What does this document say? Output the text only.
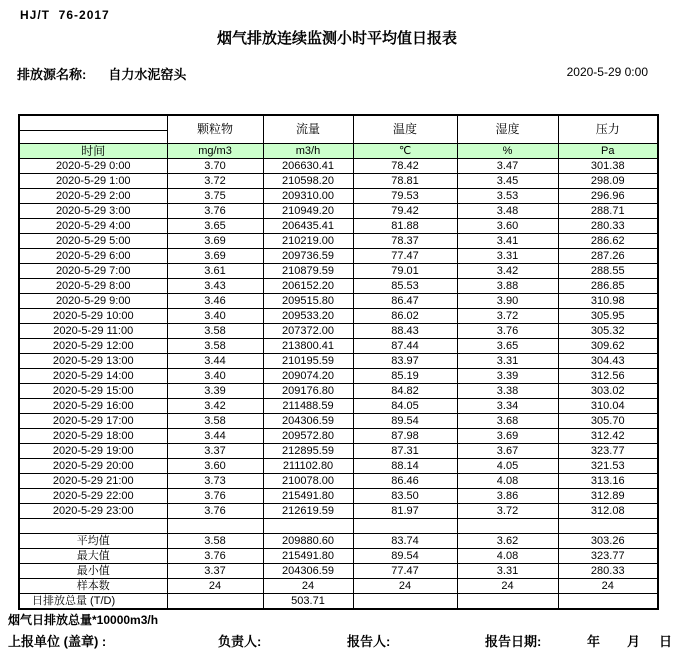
HJ/T  76-2017
烟气排放连续监测小时平均值日报表
排放源名称: 自力水泥窑头	2020-5-29 0:00
	颗粒物	流量	温度	湿度	压力
时间	mg/m3	m3/h	℃	%	Pa
2020-5-29 0:00	3.70	206630.41	78.42	3.47	301.38
2020-5-29 1:00	3.72	210598.20	78.81	3.45	298.09
2020-5-29 2:00	3.75	209310.00	79.53	3.53	296.96
2020-5-29 3:00	3.76	210949.20	79.42	3.48	288.71
2020-5-29 4:00	3.65	206435.41	81.88	3.60	280.33
2020-5-29 5:00	3.69	210219.00	78.37	3.41	286.62
2020-5-29 6:00	3.69	209736.59	77.47	3.31	287.26
2020-5-29 7:00	3.61	210879.59	79.01	3.42	288.55
2020-5-29 8:00	3.43	206152.20	85.53	3.88	286.85
2020-5-29 9:00	3.46	209515.80	86.47	3.90	310.98
2020-5-29 10:00	3.40	209533.20	86.02	3.72	305.95
2020-5-29 11:00	3.58	207372.00	88.43	3.76	305.32
2020-5-29 12:00	3.58	213800.41	87.44	3.65	309.62
2020-5-29 13:00	3.44	210195.59	83.97	3.31	304.43
2020-5-29 14:00	3.40	209074.20	85.19	3.39	312.56
2020-5-29 15:00	3.39	209176.80	84.82	3.38	303.02
2020-5-29 16:00	3.42	211488.59	84.05	3.34	310.04
2020-5-29 17:00	3.58	204306.59	89.54	3.68	305.70
2020-5-29 18:00	3.44	209572.80	87.98	3.69	312.42
2020-5-29 19:00	3.37	212895.59	87.31	3.67	323.77
2020-5-29 20:00	3.60	211102.80	88.14	4.05	321.53
2020-5-29 21:00	3.73	210078.00	86.46	4.08	313.16
2020-5-29 22:00	3.76	215491.80	83.50	3.86	312.89
2020-5-29 23:00	3.76	212619.59	81.97	3.72	312.08

平均值	3.58	209880.60	83.74	3.62	303.26
最大值	3.76	215491.80	89.54	4.08	323.77
最小值	3.37	204306.59	77.47	3.31	280.33
样本数	24	24	24	24	24
日排放总量 (T/D)		503.71			
烟气日排放总量*10000m3/h
上报单位 (盖章) :	负责人:	报告人:	报告日期:	年 月 日
